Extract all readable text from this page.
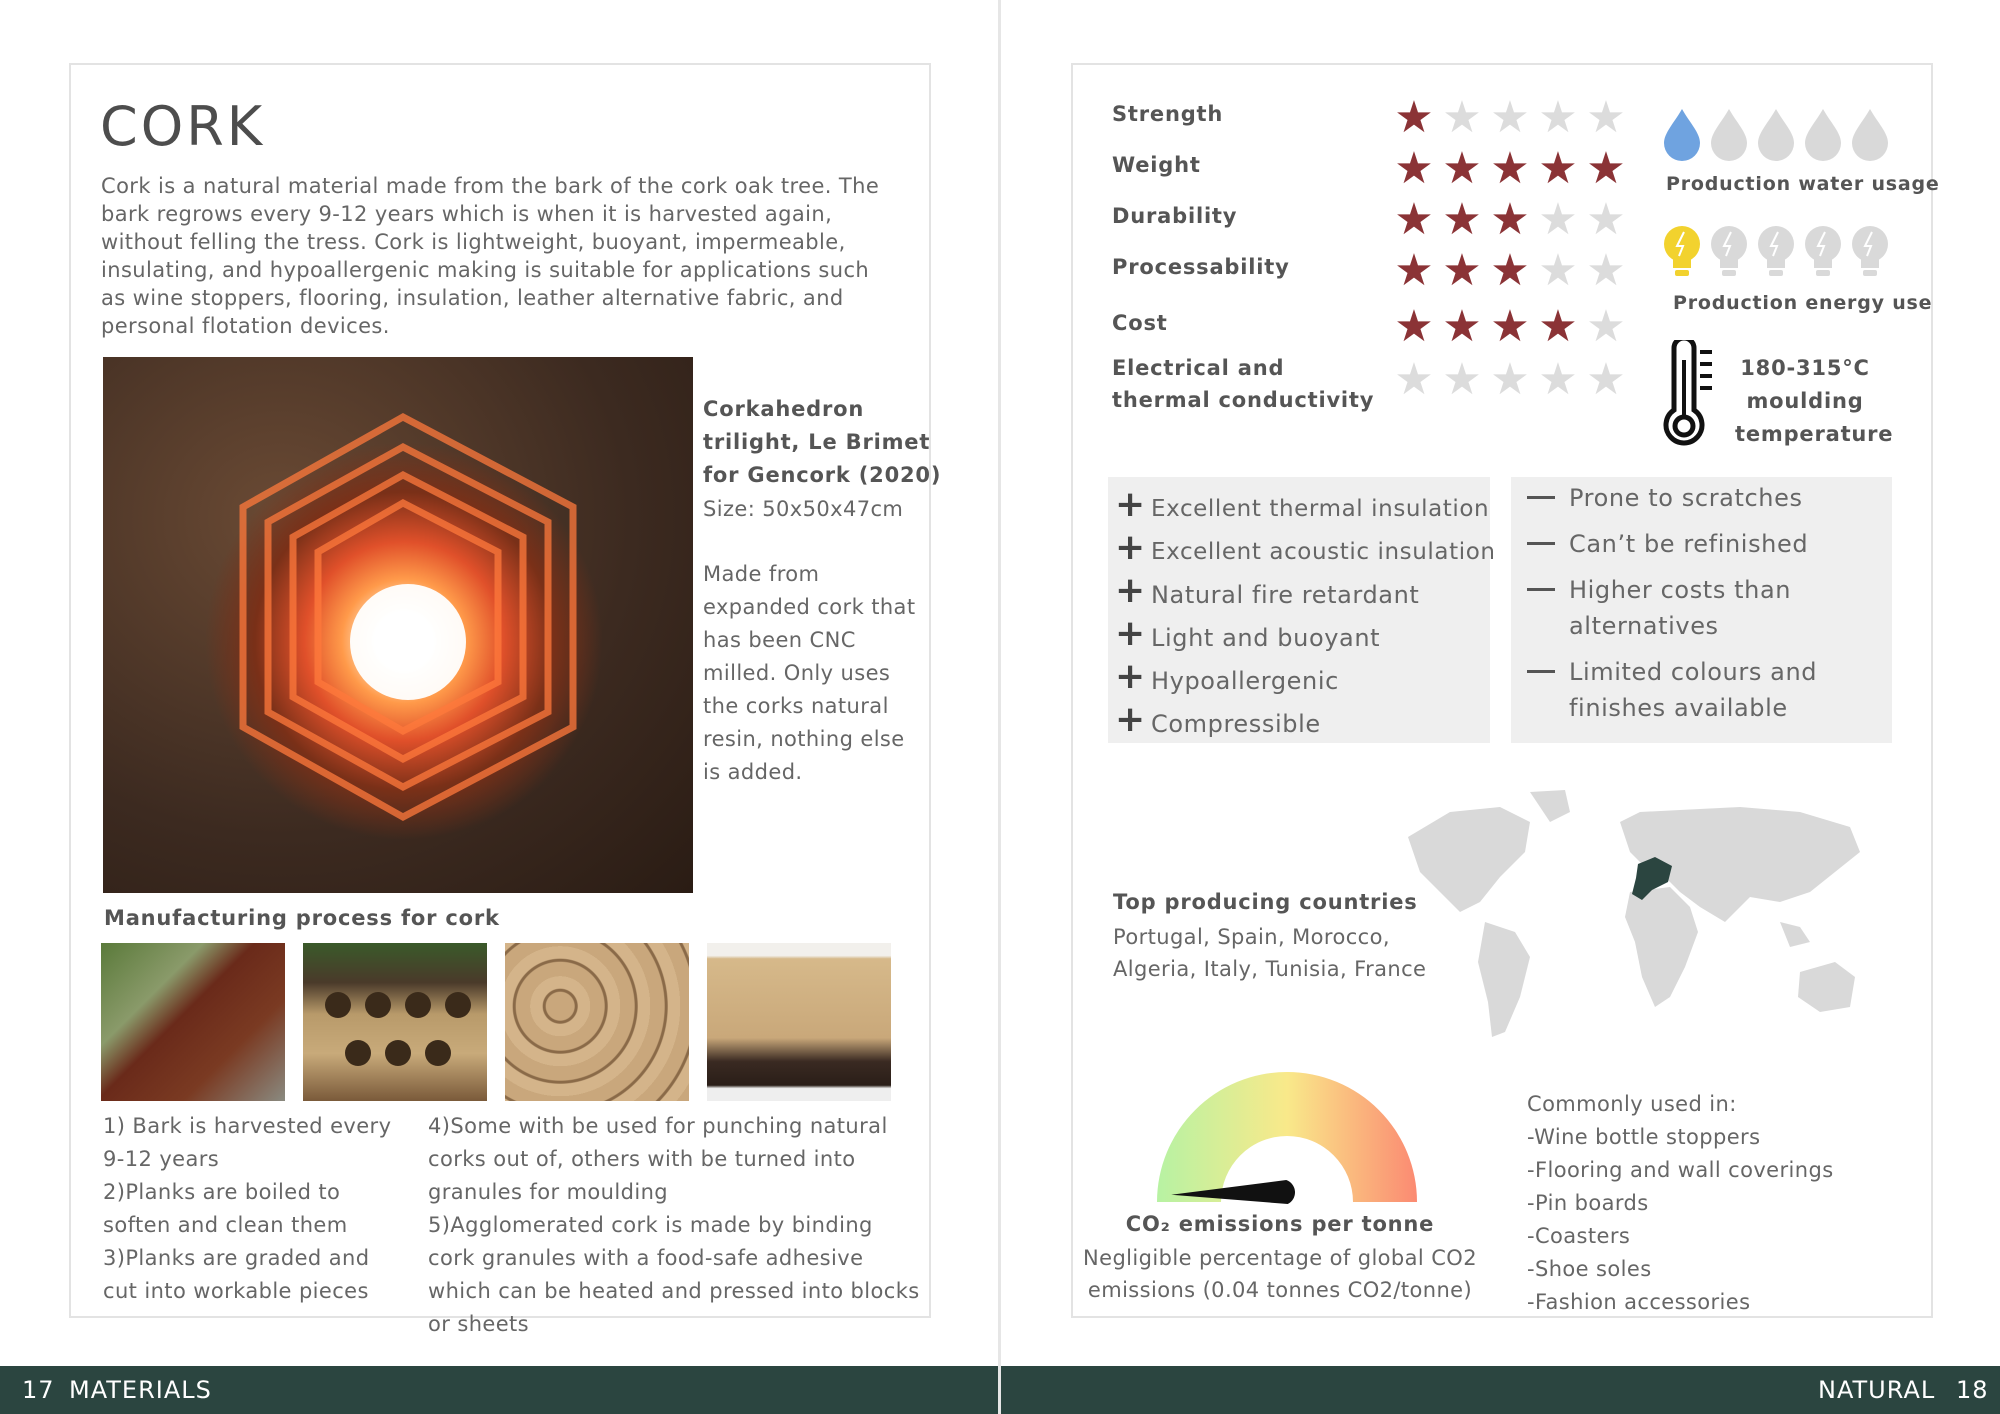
CORK
Cork is a natural material made from the bark of the cork oak tree. The bark regrows every 9-12 years which is when it is harvested again, without felling the tress. Cork is lightweight, buoyant, impermeable, insulating, and hypoallergenic making is suitable for applications such as wine stoppers, flooring, insulation, leather alternative fabric, and personal flotation devices.
Corkahedron
trilight, Le Brimet
for Gencork (2020)
Size: 50x50x47cm
Made from expanded cork that has been CNC milled. Only uses the corks natural resin, nothing else is added.
Manufacturing process for cork
1) Bark is harvested every 9-12 years
2)Planks are boiled to soften and clean them
3)Planks are graded and cut into workable pieces
4)Some with be used for punching natural corks out of, others with be turned into granules for moulding
5)Agglomerated cork is made by binding cork granules with a food-safe adhesive which can be heated and pressed into blocks or sheets
17 MATERIALS
Strength	★ ★ ★ ★ ★
Weight	★ ★ ★ ★ ★
Durability	★ ★ ★ ★ ★
Processability	★ ★ ★ ★ ★
Cost	★ ★ ★ ★ ★
Electrical and thermal conductivity ★ ★ ★ ★ ★
Production water usage
Production energy use
180-315°C
moulding
temperature
+ Excellent thermal insulation
+ Excellent acoustic insulation
+ Natural fire retardant
+ Light and buoyant
+ Hypoallergenic
+ Compressible
Prone to scratches
Can’t be refinished
Higher costs than alternatives
Limited colours and finishes available
Top producing countries
Portugal, Spain, Morocco,
Algeria, Italy, Tunisia, France
CO₂ emissions per tonne
Negligible percentage of global CO2
emissions (0.04 tonnes CO2/tonne)
Commonly used in:
-Wine bottle stoppers
-Flooring and wall coverings
-Pin boards
-Coasters
-Shoe soles
-Fashion accessories
NATURAL 18
